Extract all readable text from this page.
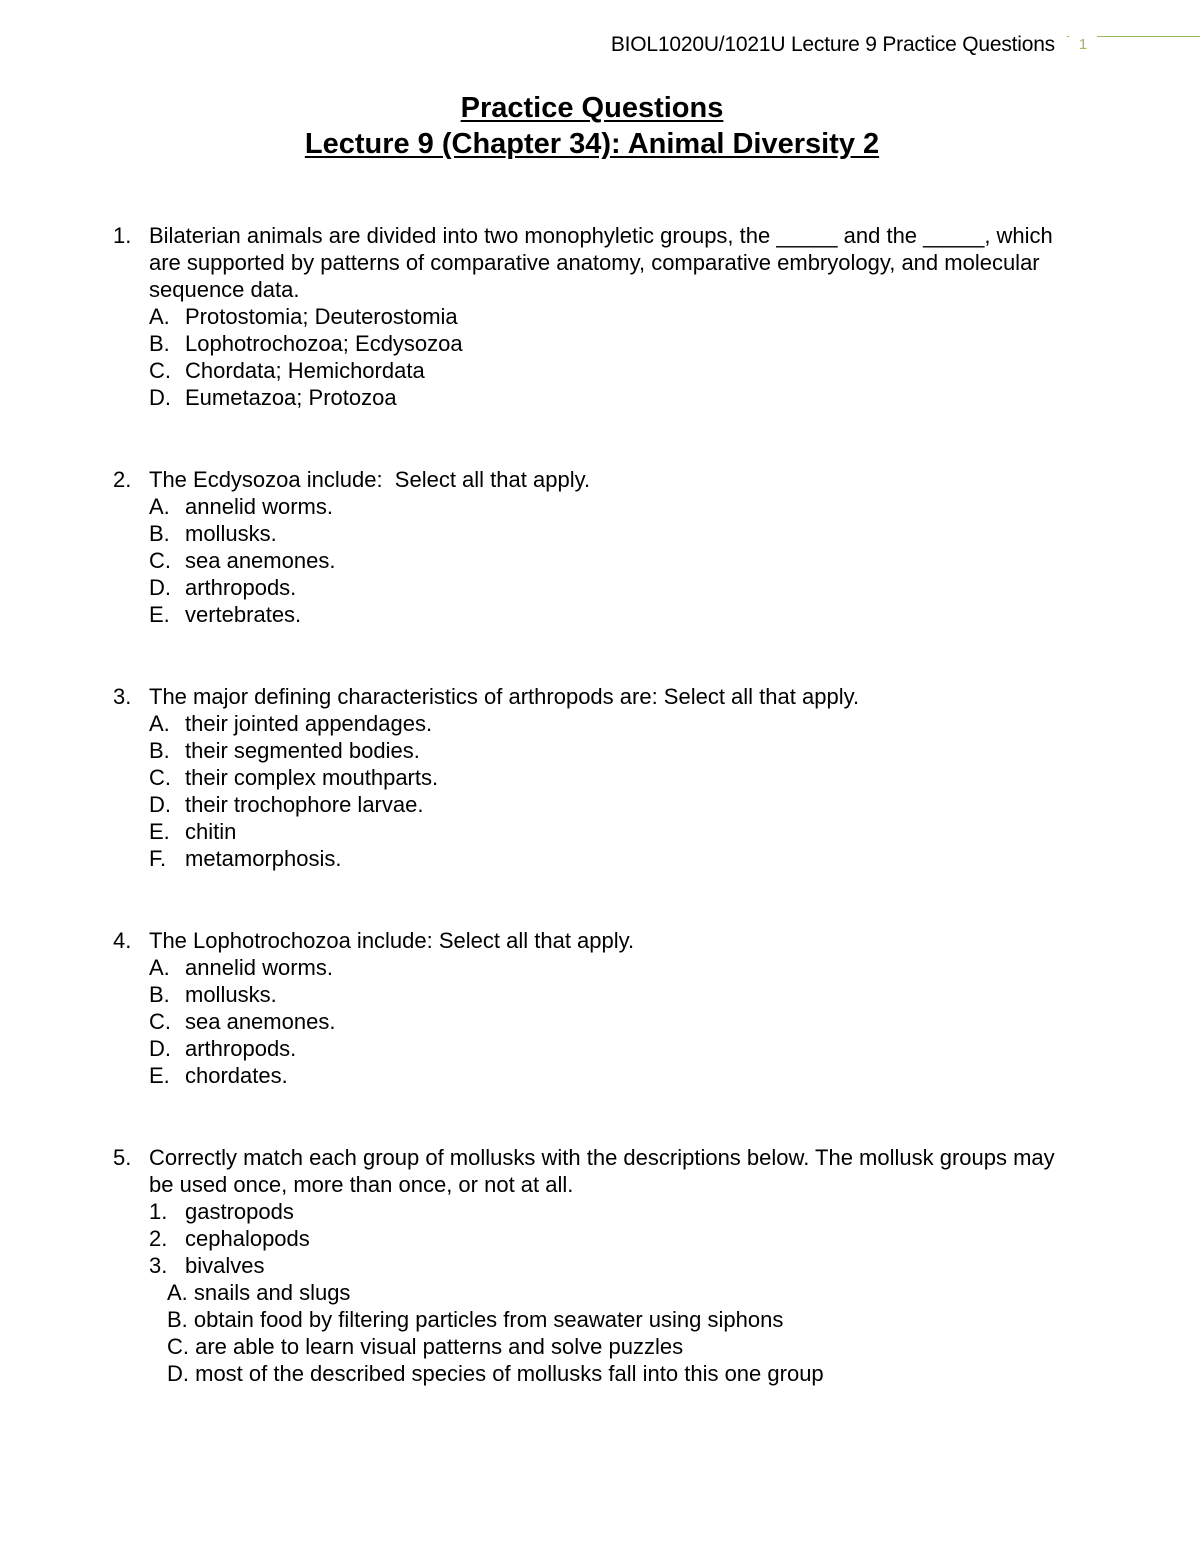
BIOL1020U/1021U Lecture 9 Practice Questions	1
Practice Questions
Lecture 9 (Chapter 34): Animal Diversity 2
1. Bilaterian animals are divided into two monophyletic groups, the _____ and the _____, which are supported by patterns of comparative anatomy, comparative embryology, and molecular sequence data.
A. Protostomia; Deuterostomia
B. Lophotrochozoa; Ecdysozoa
C. Chordata; Hemichordata
D. Eumetazoa; Protozoa
2. The Ecdysozoa include:  Select all that apply.
A. annelid worms.
B. mollusks.
C. sea anemones.
D. arthropods.
E. vertebrates.
3. The major defining characteristics of arthropods are: Select all that apply.
A. their jointed appendages.
B. their segmented bodies.
C. their complex mouthparts.
D. their trochophore larvae.
E. chitin
F. metamorphosis.
4. The Lophotrochozoa include: Select all that apply.
A. annelid worms.
B. mollusks.
C. sea anemones.
D. arthropods.
E. chordates.
5. Correctly match each group of mollusks with the descriptions below. The mollusk groups may be used once, more than once, or not at all.
1. gastropods
2. cephalopods
3. bivalves
A. snails and slugs
B. obtain food by filtering particles from seawater using siphons
C. are able to learn visual patterns and solve puzzles
D. most of the described species of mollusks fall into this one group
